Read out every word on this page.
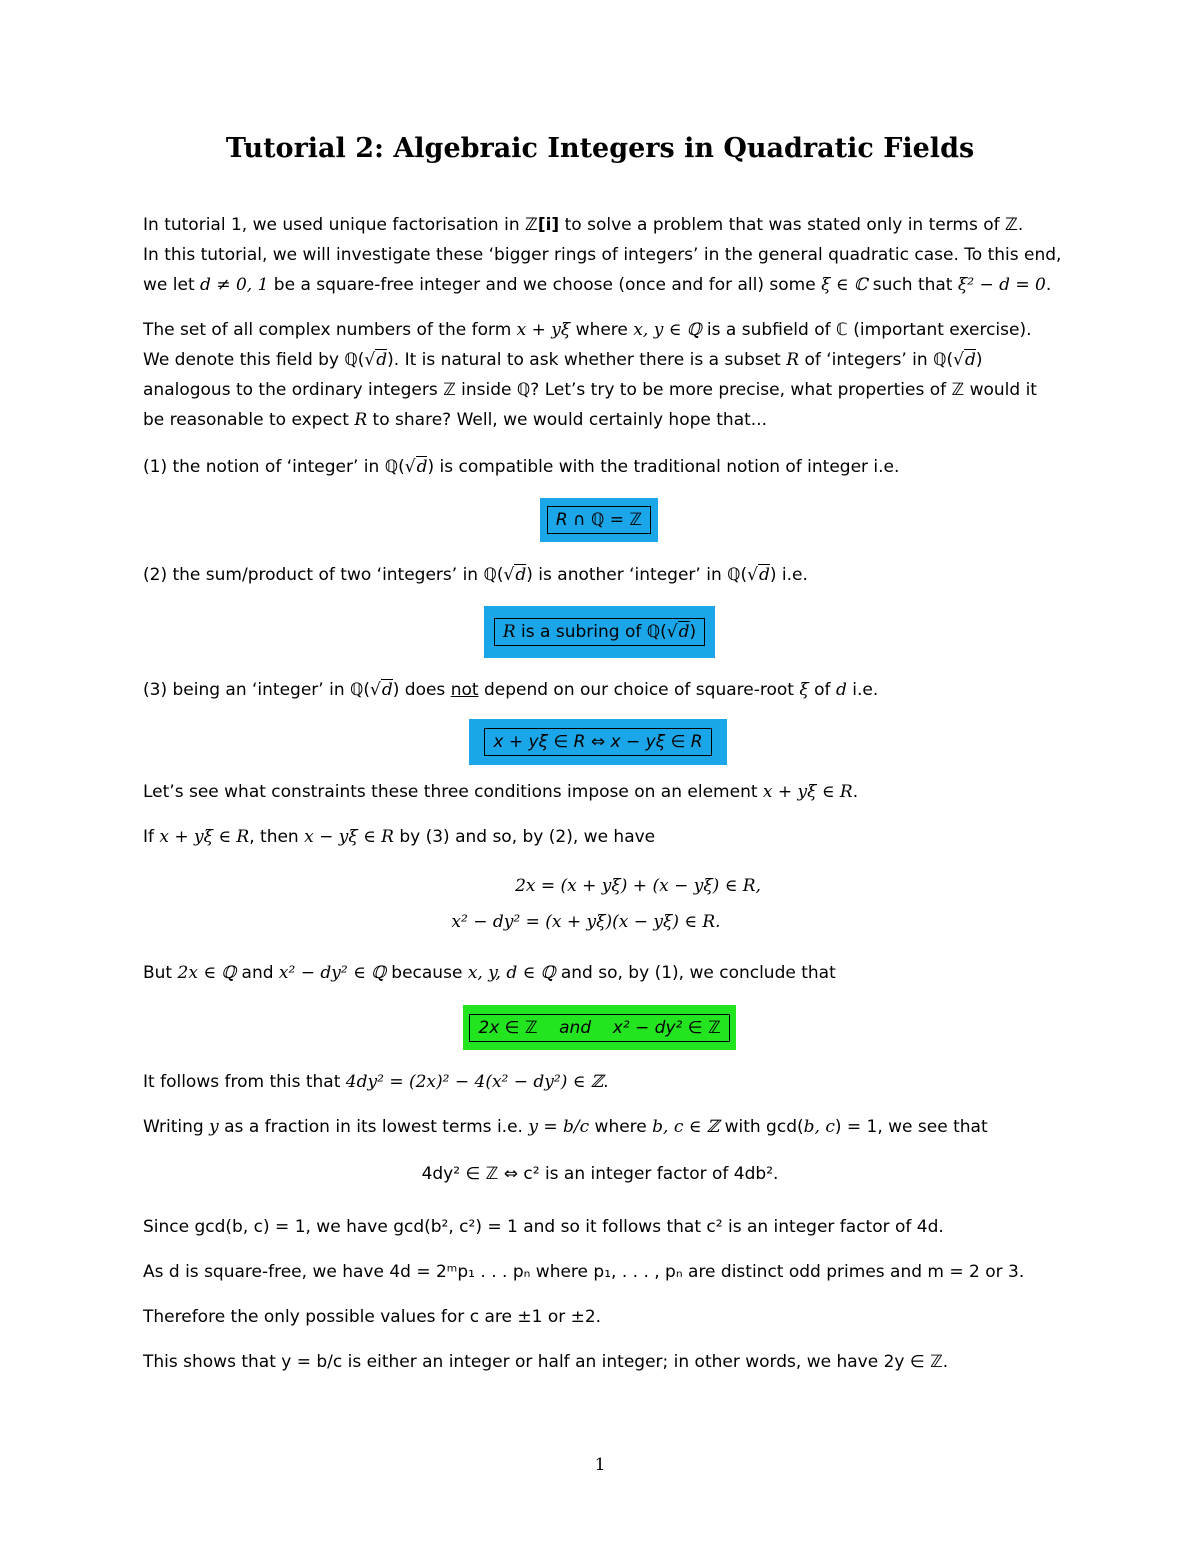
Tutorial 2: Algebraic Integers in Quadratic Fields
In tutorial 1, we used unique factorisation in ℤ[i] to solve a problem that was stated only in terms of ℤ.
In this tutorial, we will investigate these ‘bigger rings of integers’ in the general quadratic case. To this end,
we let d ≠ 0, 1 be a square-free integer and we choose (once and for all) some ξ ∈ ℂ such that ξ² − d = 0.
The set of all complex numbers of the form x + yξ where x, y ∈ ℚ is a subfield of ℂ (important exercise).
We denote this field by ℚ(√d). It is natural to ask whether there is a subset R of ‘integers’ in ℚ(√d)
analogous to the ordinary integers ℤ inside ℚ? Let’s try to be more precise, what properties of ℤ would it
be reasonable to expect R to share? Well, we would certainly hope that...
(1) the notion of ‘integer’ in ℚ(√d) is compatible with the traditional notion of integer i.e.
R ∩ ℚ = ℤ
(2) the sum/product of two ‘integers’ in ℚ(√d) is another ‘integer’ in ℚ(√d) i.e.
R is a subring of ℚ(√d)
(3) being an ‘integer’ in ℚ(√d) does not depend on our choice of square-root ξ of d i.e.
x + yξ ∈ R ⇔ x − yξ ∈ R
Let’s see what constraints these three conditions impose on an element x + yξ ∈ R.
If x + yξ ∈ R, then x − yξ ∈ R by (3) and so, by (2), we have
2x = (x + yξ) + (x − yξ) ∈ R,
x² − dy² = (x + yξ)(x − yξ) ∈ R.
But 2x ∈ ℚ and x² − dy² ∈ ℚ because x, y, d ∈ ℚ and so, by (1), we conclude that
2x ∈ ℤ    and    x² − dy² ∈ ℤ
It follows from this that 4dy² = (2x)² − 4(x² − dy²) ∈ ℤ.
Writing y as a fraction in its lowest terms i.e. y = b/c where b, c ∈ ℤ with gcd(b, c) = 1, we see that
4dy² ∈ ℤ ⇔ c² is an integer factor of 4db².
Since gcd(b, c) = 1, we have gcd(b², c²) = 1 and so it follows that c² is an integer factor of 4d.
As d is square-free, we have 4d = 2ᵐp₁ . . . pₙ where p₁, . . . , pₙ are distinct odd primes and m = 2 or 3.
Therefore the only possible values for c are ±1 or ±2.
This shows that y = b/c is either an integer or half an integer; in other words, we have 2y ∈ ℤ.
1
